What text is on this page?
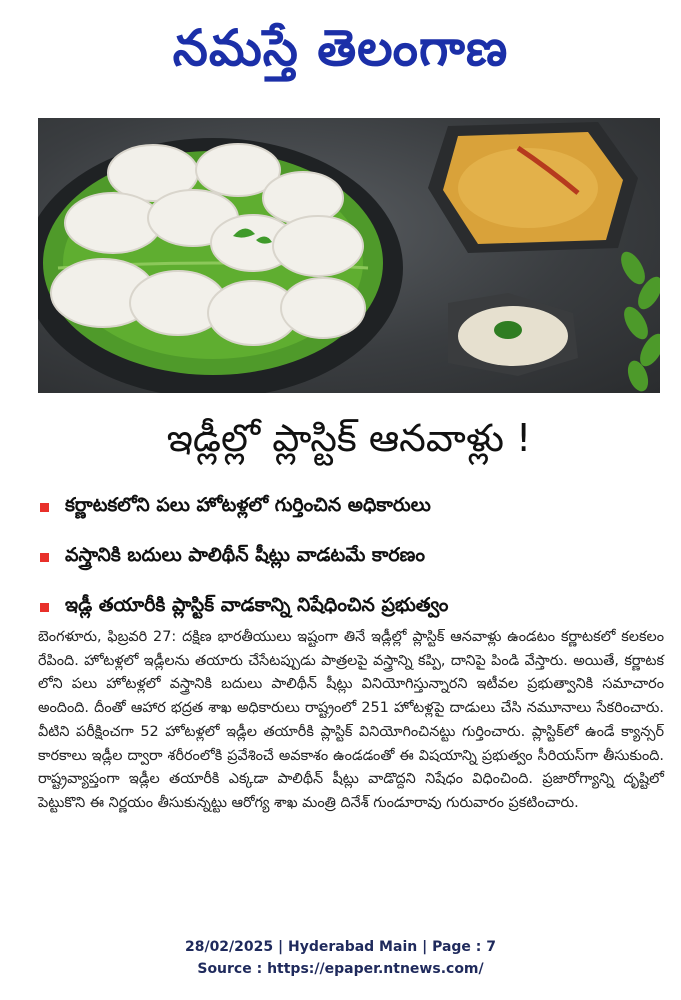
నమస్తే తెలంగాణ
ఇడ్లీల్లో ప్లాస్టిక్ ఆనవాళ్లు !
కర్ణాటకలోని పలు హోటళ్లలో గుర్తించిన అధికారులు
వస్త్రానికి బదులు పాలిథీన్ షీట్లు వాడటమే కారణం
ఇడ్లీ తయారీకి ప్లాస్టిక్ వాడకాన్ని నిషేధించిన ప్రభుత్వం

బెంగళూరు, ఫిబ్రవరి 27: దక్షిణ భారతీయులు ఇష్టంగా తినే ఇడ్లీల్లో ప్లాస్టిక్ ఆనవాళ్లు ఉండటం కర్ణాటకలో కలకలం రేపింది. హోటళ్లలో ఇడ్లీలను తయారు చేసేటప్పుడు పాత్రలపై వస్త్రాన్ని కప్పి, దానిపై పిండి వేస్తారు. అయితే, కర్ణాటకలోని పలు హోటళ్లలో వస్త్రానికి బదులు పాలిథీన్ షీట్లు వినియోగిస్తున్నారని ఇటీవల ప్రభుత్వానికి సమాచారం అందింది. దీంతో ఆహార భద్రత శాఖ అధికారులు రాష్ట్రంలో 251 హోటళ్లపై దాడులు చేసి నమూనాలు సేకరించారు. వీటిని పరీక్షించగా 52 హోటళ్లలో ఇడ్లీల తయారీకి ప్లాస్టిక్ వినియోగించినట్టు గుర్తించారు. ప్లాస్టిక్‌లో ఉండే క్యాన్సర్ కారకాలు ఇడ్లీల ద్వారా శరీరంలోకి ప్రవేశించే అవకాశం ఉండడంతో ఈ విషయాన్ని ప్రభుత్వం సీరియస్‌గా తీసుకుంది. రాష్ట్రవ్యాప్తంగా ఇడ్లీల తయారీకి ఎక్కడా పాలిథీన్ షీట్లు వాడొద్దని నిషేధం విధించింది. ప్రజారోగ్యాన్ని దృష్టిలో పెట్టుకొని ఈ నిర్ణయం తీసుకున్నట్టు ఆరోగ్య శాఖ మంత్రి దినేశ్ గుండూరావు గురువారం ప్రకటించారు.

28/02/2025 | Hyderabad Main | Page : 7
Source : https://epaper.ntnews.com/
